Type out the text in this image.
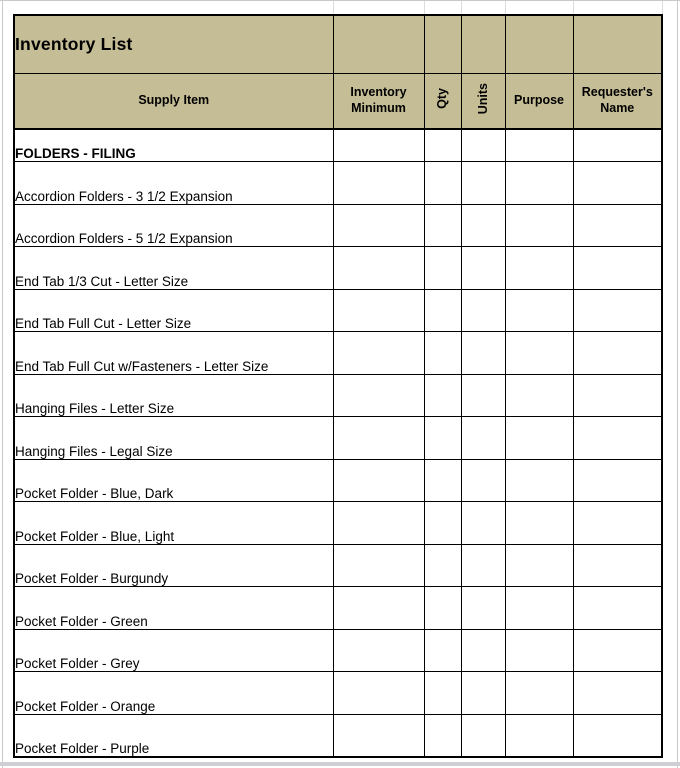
Inventory List					
Supply Item	Inventory Minimum	Qty	Units	Purpose	Requester's Name
FOLDERS - FILING					
Accordion Folders - 3 1/2 Expansion					
Accordion Folders - 5 1/2 Expansion					
End Tab 1/3 Cut - Letter Size					
End Tab Full Cut - Letter Size					
End Tab Full Cut w/Fasteners - Letter Size					
Hanging Files - Letter Size					
Hanging Files - Legal Size					
Pocket Folder - Blue, Dark					
Pocket Folder - Blue, Light					
Pocket Folder - Burgundy					
Pocket Folder - Green					
Pocket Folder - Grey					
Pocket Folder - Orange					
Pocket Folder - Purple					
